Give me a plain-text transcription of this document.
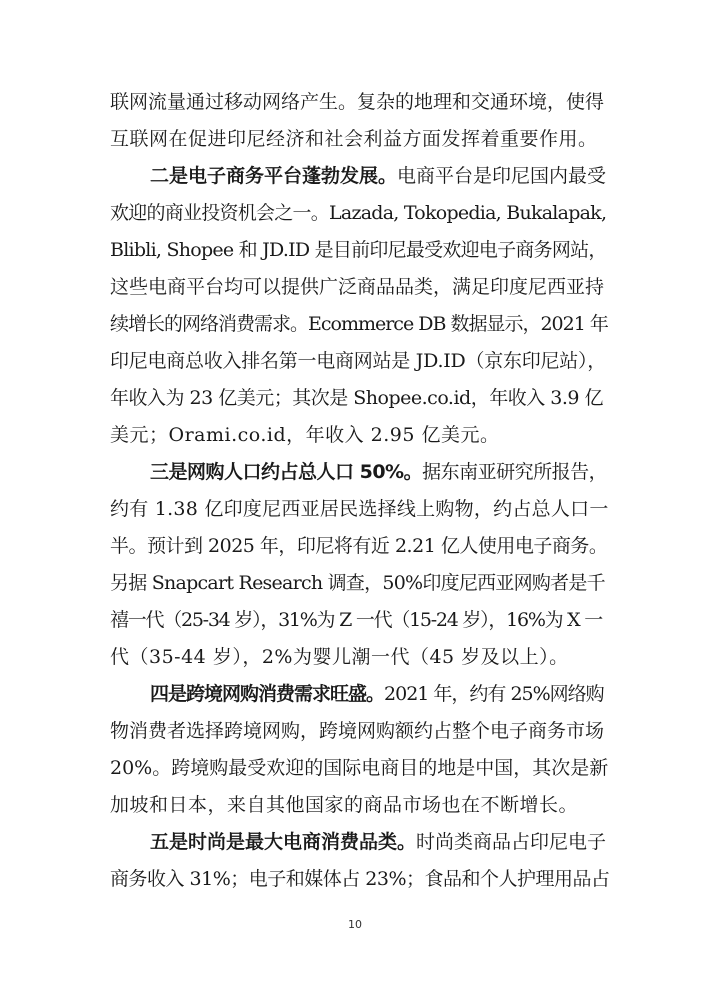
联网流量通过移动网络产生。复杂的地理和交通环境，使得
互联网在促进印尼经济和社会利益方面发挥着重要作用。
二是电子商务平台蓬勃发展。电商平台是印尼国内最受
欢迎的商业投资机会之一。Lazada, Tokopedia, Bukalapak,
Blibli, Shopee 和 JD.ID 是目前印尼最受欢迎电子商务网站，
这些电商平台均可以提供广泛商品品类，满足印度尼西亚持
续增长的网络消费需求。Ecommerce DB 数据显示，2021 年
印尼电商总收入排名第一电商网站是 JD.ID（京东印尼站），
年收入为 23 亿美元；其次是 Shopee.co.id，年收入 3.9 亿
美元；Orami.co.id，年收入 2.95 亿美元。
三是网购人口约占总人口 50%。据东南亚研究所报告，
约有 1.38 亿印度尼西亚居民选择线上购物，约占总人口一
半。预计到 2025 年，印尼将有近 2.21 亿人使用电子商务。
另据 Snapcart Research 调查，50%印度尼西亚网购者是千
禧一代（25-34 岁），31%为 Z 一代（15-24 岁），16%为 X 一
代（35-44 岁），2%为婴儿潮一代（45 岁及以上）。
四是跨境网购消费需求旺盛。2021 年，约有 25%网络购
物消费者选择跨境网购，跨境网购额约占整个电子商务市场
20%。跨境购最受欢迎的国际电商目的地是中国，其次是新
加坡和日本，来自其他国家的商品市场也在不断增长。
五是时尚是最大电商消费品类。时尚类商品占印尼电子
商务收入 31%；电子和媒体占 23%；食品和个人护理用品占
10
